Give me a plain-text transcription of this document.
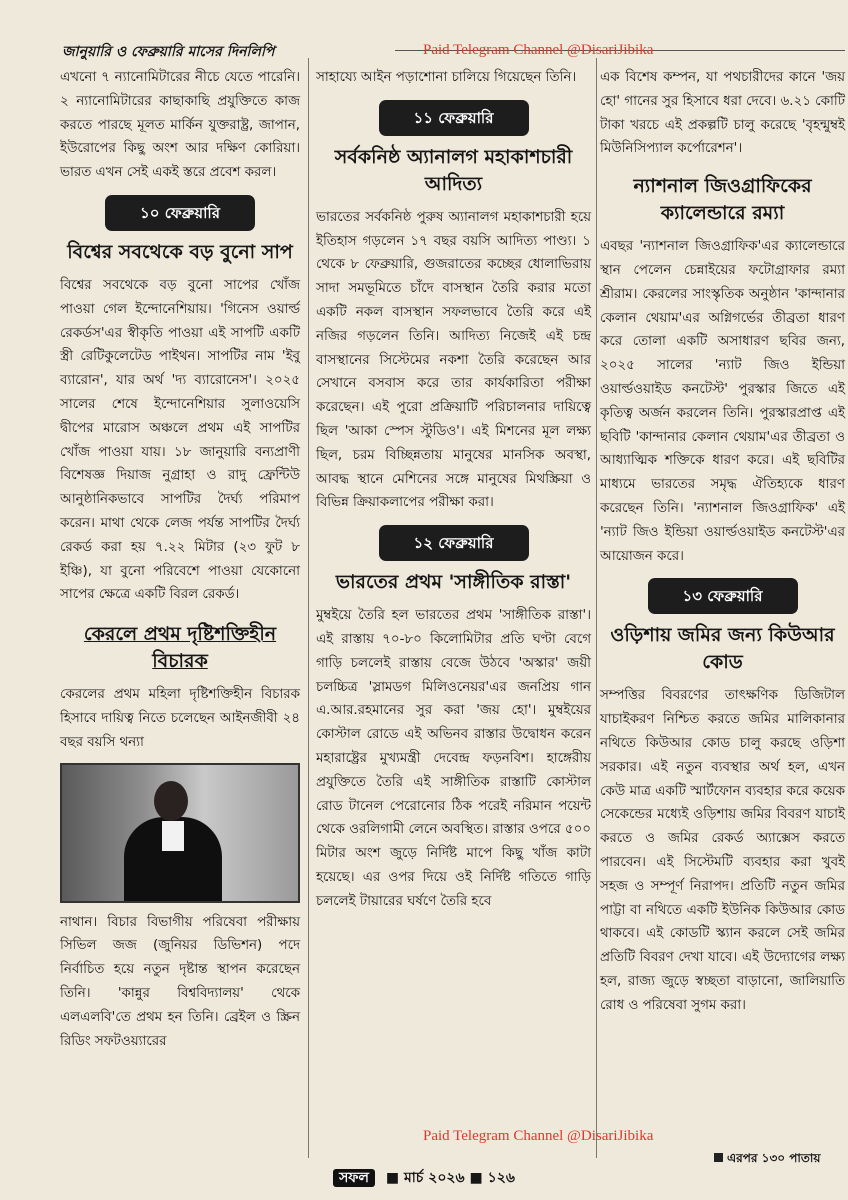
জানুয়ারি ও ফেব্রুয়ারি মাসের দিনলিপি	Paid Telegram Channel @DisariJibika

এখনো ৭ ন্যানোমিটারের নীচে যেতে পারেনি। ২ ন্যানোমিটারের কাছাকাছি প্রযুক্তিতে কাজ করতে পারছে মূলত মার্কিন যুক্তরাষ্ট্র, জাপান, ইউরোপের কিছু অংশ আর দক্ষিণ কোরিয়া। ভারত এখন সেই একই স্তরে প্রবেশ করল।

১০ ফেব্রুয়ারি
বিশ্বের সবথেকে বড় বুনো সাপ

বিশ্বের সবথেকে বড় বুনো সাপের খোঁজ পাওয়া গেল ইন্দোনেশিয়ায়। 'গিনেস ওয়ার্ল্ড রেকর্ডস'এর স্বীকৃতি পাওয়া এই সাপটি একটি স্ত্রী রেটিকুলেটেড পাইথন। সাপটির নাম 'ইবু ব্যারোন', যার অর্থ 'দ্য ব্যারোনেস'। ২০২৫ সালের শেষে ইন্দোনেশিয়ার সুলাওয়েসি দ্বীপের মারোস অঞ্চলে প্রথম এই সাপটির খোঁজ পাওয়া যায়। ১৮ জানুয়ারি বন্যপ্রাণী বিশেষজ্ঞ দিয়াজ নুগ্রাহা ও রাদু ফ্রেন্টিউ আনুষ্ঠানিকভাবে সাপটির দৈর্ঘ্য পরিমাপ করেন। মাথা থেকে লেজ পর্যন্ত সাপটির দৈর্ঘ্য রেকর্ড করা হয় ৭.২২ মিটার (২৩ ফুট ৮ ইঞ্চি), যা বুনো পরিবেশে পাওয়া যেকোনো সাপের ক্ষেত্রে একটি বিরল রেকর্ড।

কেরলে প্রথম দৃষ্টিশক্তিহীন বিচারক

কেরলের প্রথম মহিলা দৃষ্টিশক্তিহীন বিচারক হিসাবে দায়িত্ব নিতে চলেছেন আইনজীবী ২৪ বছর বয়সি থন্যা

নাথান। বিচার বিভাগীয় পরিষেবা পরীক্ষায় সিভিল জজ (জুনিয়র ডিভিশন) পদে নির্বাচিত হয়ে নতুন দৃষ্টান্ত স্থাপন করেছেন তিনি। 'কান্নুর বিশ্ববিদ্যালয়' থেকে এলএলবি'তে প্রথম হন তিনি। ব্রেইল ও স্ক্রিন রিডিং সফটওয়্যারের

সাহায্যে আইন পড়াশোনা চালিয়ে গিয়েছেন তিনি।

১১ ফেব্রুয়ারি
সর্বকনিষ্ঠ অ্যানালগ মহাকাশচারী আদিত্য

ভারতের সর্বকনিষ্ঠ পুরুষ অ্যানালগ মহাকাশচারী হয়ে ইতিহাস গড়লেন ১৭ বছর বয়সি আদিত্য পাণ্ড্য। ১ থেকে ৮ ফেব্রুয়ারি, গুজরাতের কচ্ছের ধোলাভিরায় সাদা সমভূমিতে চাঁদে বাসস্থান তৈরি করার মতো একটি নকল বাসস্থান সফলভাবে তৈরি করে এই নজির গড়লেন তিনি। আদিত্য নিজেই এই চন্দ্র বাসস্থানের সিস্টেমের নকশা তৈরি করেছেন আর সেখানে বসবাস করে তার কার্যকারিতা পরীক্ষা করেছেন। এই পুরো প্রক্রিয়াটি পরিচালনার দায়িত্বে ছিল 'আকা স্পেস স্টুডিও'। এই মিশনের মূল লক্ষ্য ছিল, চরম বিচ্ছিন্নতায় মানুষের মানসিক অবস্থা, আবদ্ধ স্থানে মেশিনের সঙ্গে মানুষের মিথস্ক্রিয়া ও বিভিন্ন ক্রিয়াকলাপের পরীক্ষা করা।

১২ ফেব্রুয়ারি
ভারতের প্রথম 'সাঙ্গীতিক রাস্তা'

মুম্বইয়ে তৈরি হল ভারতের প্রথম 'সাঙ্গীতিক রাস্তা'। এই রাস্তায় ৭০-৮০ কিলোমিটার প্রতি ঘণ্টা বেগে গাড়ি চললেই রাস্তায় বেজে উঠবে 'অস্কার' জয়ী চলচ্চিত্র 'স্লামডগ মিলিওনেয়র'এর জনপ্রিয় গান এ.আর.রহমানের সুর করা 'জয় হো'। মুম্বইয়ের কোস্টাল রোডে এই অভিনব রাস্তার উদ্বোধন করেন মহারাষ্ট্রের মুখ্যমন্ত্রী দেবেন্দ্র ফড়নবিশ। হাঙ্গেরীয় প্রযুক্তিতে তৈরি এই সাঙ্গীতিক রাস্তাটি কোস্টাল রোড টানেল পেরোনোর ঠিক পরেই নরিমান পয়েন্ট থেকে ওরলিগামী লেনে অবস্থিত। রাস্তার ওপরে ৫০০ মিটার অংশ জুড়ে নির্দিষ্ট মাপে কিছু খাঁজ কাটা হয়েছে। এর ওপর দিয়ে ওই নির্দিষ্ট গতিতে গাড়ি চললেই টায়ারের ঘর্ষণে তৈরি হবে

এক বিশেষ কম্পন, যা পথচারীদের কানে 'জয় হো' গানের সুর হিসাবে ধরা দেবে। ৬.২১ কোটি টাকা খরচে এই প্রকল্পটি চালু করেছে 'বৃহন্মুম্বই মিউনিসিপ্যাল কর্পোরেশন'।

ন্যাশনাল জিওগ্রাফিকের ক্যালেন্ডারে রম্যা

এবছর 'ন্যাশনাল জিওগ্রাফিক'এর ক্যালেন্ডারে স্থান পেলেন চেন্নাইয়ের ফটোগ্রাফার রম্যা শ্রীরাম। কেরলের সাংস্কৃতিক অনুষ্ঠান 'কান্দানার কেলান থেয়াম'এর অগ্নিগর্ভের তীব্রতা ধারণ করে তোলা একটি অসাধারণ ছবির জন্য, ২০২৫ সালের 'ন্যাট জিও ইন্ডিয়া ওয়ার্ল্ডওয়াইড কনটেস্ট' পুরস্কার জিতে এই কৃতিত্ব অর্জন করলেন তিনি। পুরস্কারপ্রাপ্ত এই ছবিটি 'কান্দানার কেলান থেয়াম'এর তীব্রতা ও আধ্যাত্মিক শক্তিকে ধারণ করে। এই ছবিটির মাধ্যমে ভারতের সমৃদ্ধ ঐতিহ্যকে ধারণ করেছেন তিনি। 'ন্যাশনাল জিওগ্রাফিক' এই 'ন্যাট জিও ইন্ডিয়া ওয়ার্ল্ডওয়াইড কনটেস্ট'এর আয়োজন করে।

১৩ ফেব্রুয়ারি
ওড়িশায় জমির জন্য কিউআর কোড

সম্পত্তির বিবরণের তাৎক্ষণিক ডিজিটাল যাচাইকরণ নিশ্চিত করতে জমির মালিকানার নথিতে কিউআর কোড চালু করছে ওড়িশা সরকার। এই নতুন ব্যবস্থার অর্থ হল, এখন কেউ মাত্র একটি স্মার্টফোন ব্যবহার করে কয়েক সেকেন্ডের মধ্যেই ওড়িশায় জমির বিবরণ যাচাই করতে ও জমির রেকর্ড অ্যাক্সেস করতে পারবেন। এই সিস্টেমটি ব্যবহার করা খুবই সহজ ও সম্পূর্ণ নিরাপদ। প্রতিটি নতুন জমির পাট্টা বা নথিতে একটি ইউনিক কিউআর কোড থাকবে। এই কোডটি স্ক্যান করলে সেই জমির প্রতিটি বিবরণ দেখা যাবে। এই উদ্যোগের লক্ষ্য হল, রাজ্য জুড়ে স্বচ্ছতা বাড়ানো, জালিয়াতি রোধ ও পরিষেবা সুগম করা।

Paid Telegram Channel @DisariJibika
এরপর ১৩০ পাতায়
সফল ■ মার্চ ২০২৬ ■ ১২৬
